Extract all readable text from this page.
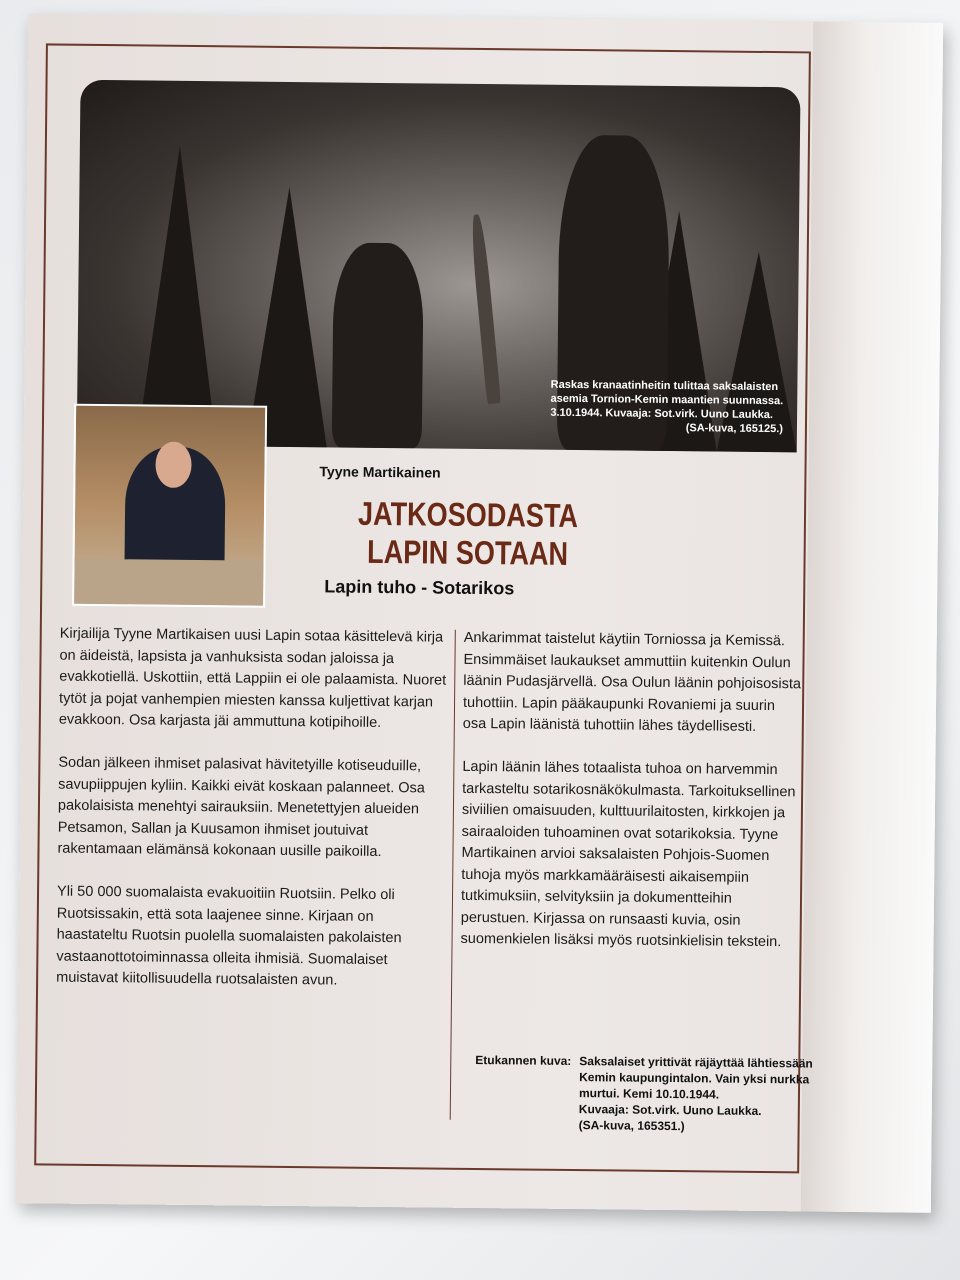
Raskas kranaatinheitin tulittaa saksalaisten
asemia Tornion-Kemin maantien suunnassa.
3.10.1944. Kuvaaja: Sot.virk. Uuno Laukka.
(SA-kuva, 165125.)
Tyyne Martikainen
JATKOSODASTA
LAPIN SOTAAN
Lapin tuho - Sotarikos

Kirjailija Tyyne Martikaisen uusi Lapin sotaa käsittelevä kirja on äideistä, lapsista ja vanhuksista sodan jaloissa ja evakkotiellä. Uskottiin, että Lappiin ei ole palaamista. Nuoret tytöt ja pojat vanhempien miesten kanssa kuljettivat karjan evakkoon. Osa karjasta jäi ammuttuna kotipihoille.

Sodan jälkeen ihmiset palasivat hävitetyille kotiseuduille, savupiippujen kyliin. Kaikki eivät koskaan palanneet. Osa pakolaisista menehtyi sairauksiin. Menetettyjen alueiden Petsamon, Sallan ja Kuusamon ihmiset joutuivat rakentamaan elämänsä kokonaan uusille paikoilla.

Yli 50 000 suomalaista evakuoitiin Ruotsiin. Pelko oli Ruotsissakin, että sota laajenee sinne. Kirjaan on haastateltu Ruotsin puolella suomalaisten pakolaisten vastaanottotoiminnassa olleita ihmisiä. Suomalaiset muistavat kiitollisuudella ruotsalaisten avun.

Ankarimmat taistelut käytiin Torniossa ja Kemissä. Ensimmäiset laukaukset ammuttiin kuitenkin Oulun läänin Pudasjärvellä. Osa Oulun läänin pohjoisosista tuhottiin. Lapin pääkaupunki Rovaniemi ja suurin osa Lapin läänistä tuhottiin lähes täydellisesti.

Lapin läänin lähes totaalista tuhoa on harvemmin tarkasteltu sotarikosnäkökulmasta. Tarkoituksellinen siviilien omaisuuden, kulttuurilaitosten, kirkkojen ja sairaaloiden tuhoaminen ovat sotarikoksia. Tyyne Martikainen arvioi saksalaisten Pohjois-Suomen tuhoja myös markkamääräisesti aikaisempiin tutkimuksiin, selvityksiin ja dokumentteihin perustuen. Kirjassa on runsaasti kuvia, osin suomenkielen lisäksi myös ruotsinkielisin tekstein.

Etukannen kuva: Saksalaiset yrittivät räjäyttää lähtiessään
Kemin kaupungintalon. Vain yksi nurkka
murtui. Kemi 10.10.1944.
Kuvaaja: Sot.virk. Uuno Laukka.
(SA-kuva, 165351.)
